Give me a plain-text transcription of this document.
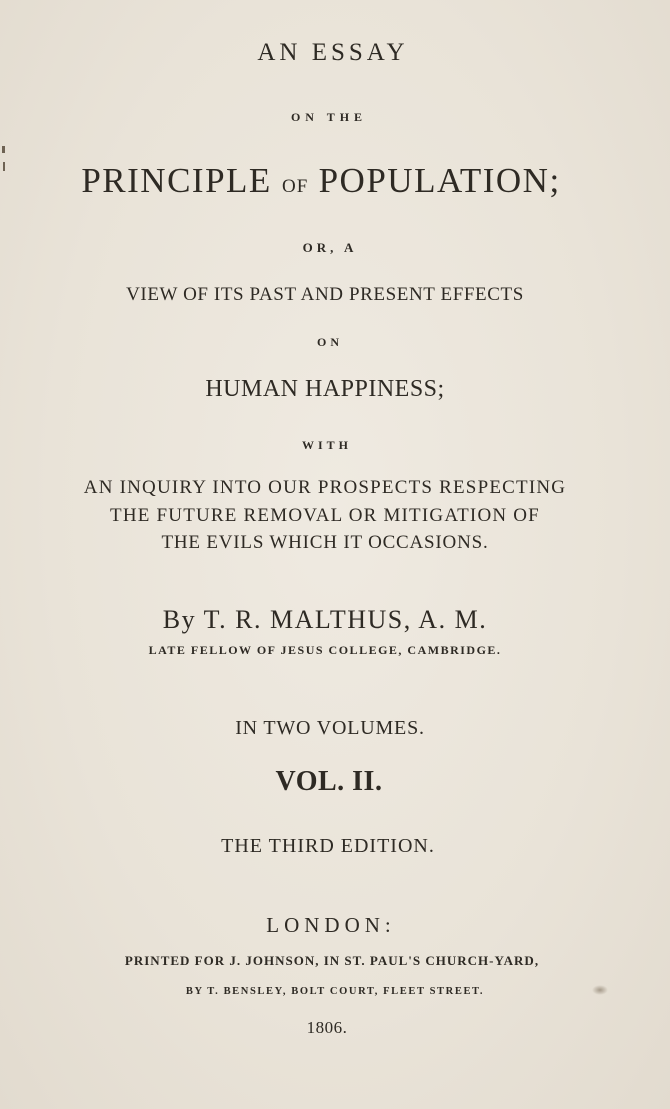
AN ESSAY

ON THE

PRINCIPLE OF POPULATION;

OR, A

VIEW OF ITS PAST AND PRESENT EFFECTS

ON

HUMAN HAPPINESS;

WITH

AN INQUIRY INTO OUR PROSPECTS RESPECTING

THE FUTURE REMOVAL OR MITIGATION OF

THE EVILS WHICH IT OCCASIONS.

By T. R. MALTHUS, A. M.

LATE FELLOW OF JESUS COLLEGE, CAMBRIDGE.

IN TWO VOLUMES.

VOL. II.

THE THIRD EDITION.

LONDON:

PRINTED FOR J. JOHNSON, IN ST. PAUL'S CHURCH-YARD,

BY T. BENSLEY, BOLT COURT, FLEET STREET.

1806.
